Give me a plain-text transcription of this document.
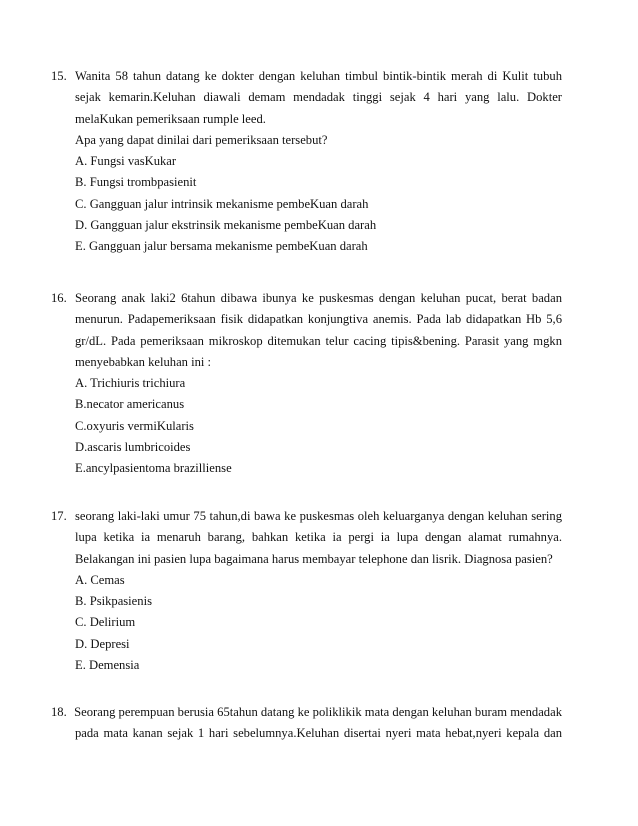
15. Wanita 58 tahun datang ke dokter dengan keluhan timbul bintik-bintik merah di Kulit tubuh
sejak kemarin.Keluhan diawali demam mendadak tinggi sejak 4 hari yang lalu. Dokter
melaKukan pemeriksaan rumple leed.
Apa yang dapat dinilai dari pemeriksaan tersebut?
A. Fungsi vasKukar
B. Fungsi trombpasienit
C. Gangguan jalur intrinsik mekanisme pembeKuan darah
D. Gangguan jalur ekstrinsik mekanisme pembeKuan darah
E. Gangguan jalur bersama mekanisme pembeKuan darah
16. Seorang anak laki2 6tahun dibawa ibunya ke puskesmas dengan keluhan pucat, berat badan
menurun. Padapemeriksaan fisik didapatkan konjungtiva anemis. Pada lab didapatkan Hb 5,6
gr/dL. Pada pemeriksaan mikroskop ditemukan telur cacing tipis&bening. Parasit yang mgkn
menyebabkan keluhan ini :
A. Trichiuris trichiura
B.necator americanus
C.oxyuris vermiKularis
D.ascaris lumbricoides
E.ancylpasientoma brazilliense
17. seorang laki-laki umur 75 tahun,di bawa ke puskesmas oleh keluarganya dengan keluhan sering
lupa ketika ia menaruh barang, bahkan ketika ia pergi ia lupa dengan alamat rumahnya.
Belakangan ini pasien lupa bagaimana harus membayar telephone dan lisrik. Diagnosa pasien?
A. Cemas
B. Psikpasienis
C. Delirium
D. Depresi
E. Demensia
18. Seorang perempuan berusia 65tahun datang ke poliklikik mata dengan keluhan buram mendadak
pada mata kanan sejak 1 hari sebelumnya.Keluhan disertai nyeri mata hebat,nyeri kepala dan
